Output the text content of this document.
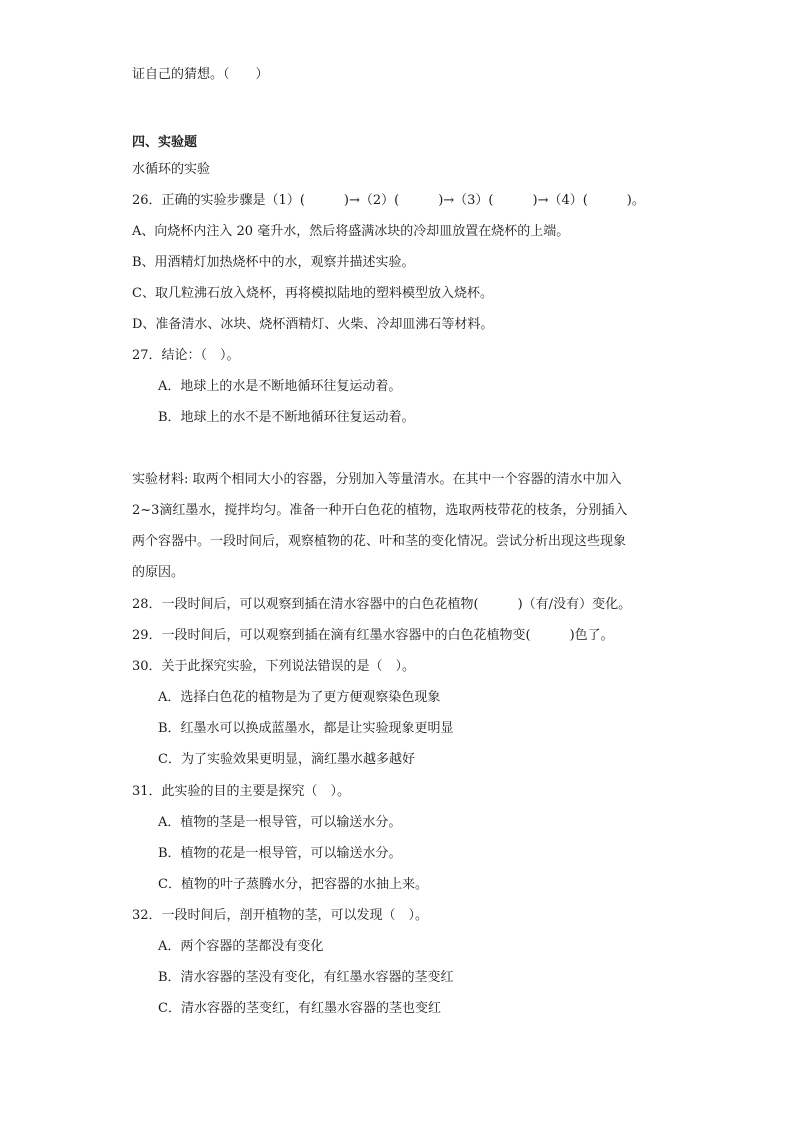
证自己的猜想。（　　）
四、实验题
水循环的实验
26．正确的实验步骤是（1）(　　　)→（2）(　　　)→（3）(　　　)→（4）(　　　)。
A、向烧杯内注入 20 毫升水，然后将盛满冰块的冷却皿放置在烧杯的上端。
B、用酒精灯加热烧杯中的水，观察并描述实验。
C、取几粒沸石放入烧杯，再将模拟陆地的塑料模型放入烧杯。
D、准备清水、冰块、烧杯酒精灯、火柴、冷却皿沸石等材料。
27．结论：（　）。
A．地球上的水是不断地循环往复运动着。
B．地球上的水不是不断地循环往复运动着。
实验材料: 取两个相同大小的容器，分别加入等量清水。在其中一个容器的清水中加入
2~3滴红墨水，搅拌均匀。准备一种开白色花的植物，选取两枝带花的枝条，分别插入
两个容器中。一段时间后，观察植物的花、叶和茎的变化情况。尝试分析出现这些现象
的原因。
28．一段时间后，可以观察到插在清水容器中的白色花植物(　　　)（有/没有）变化。
29．一段时间后，可以观察到插在滴有红墨水容器中的白色花植物变(　　　)色了。
30．关于此探究实验，下列说法错误的是（　）。
A．选择白色花的植物是为了更方便观察染色现象
B．红墨水可以换成蓝墨水，都是让实验现象更明显
C．为了实验效果更明显，滴红墨水越多越好
31．此实验的目的主要是探究（　）。
A．植物的茎是一根导管，可以输送水分。
B．植物的花是一根导管，可以输送水分。
C．植物的叶子蒸腾水分，把容器的水抽上来。
32．一段时间后，剖开植物的茎，可以发现（　）。
A．两个容器的茎都没有变化
B．清水容器的茎没有变化，有红墨水容器的茎变红
C．清水容器的茎变红，有红墨水容器的茎也变红
